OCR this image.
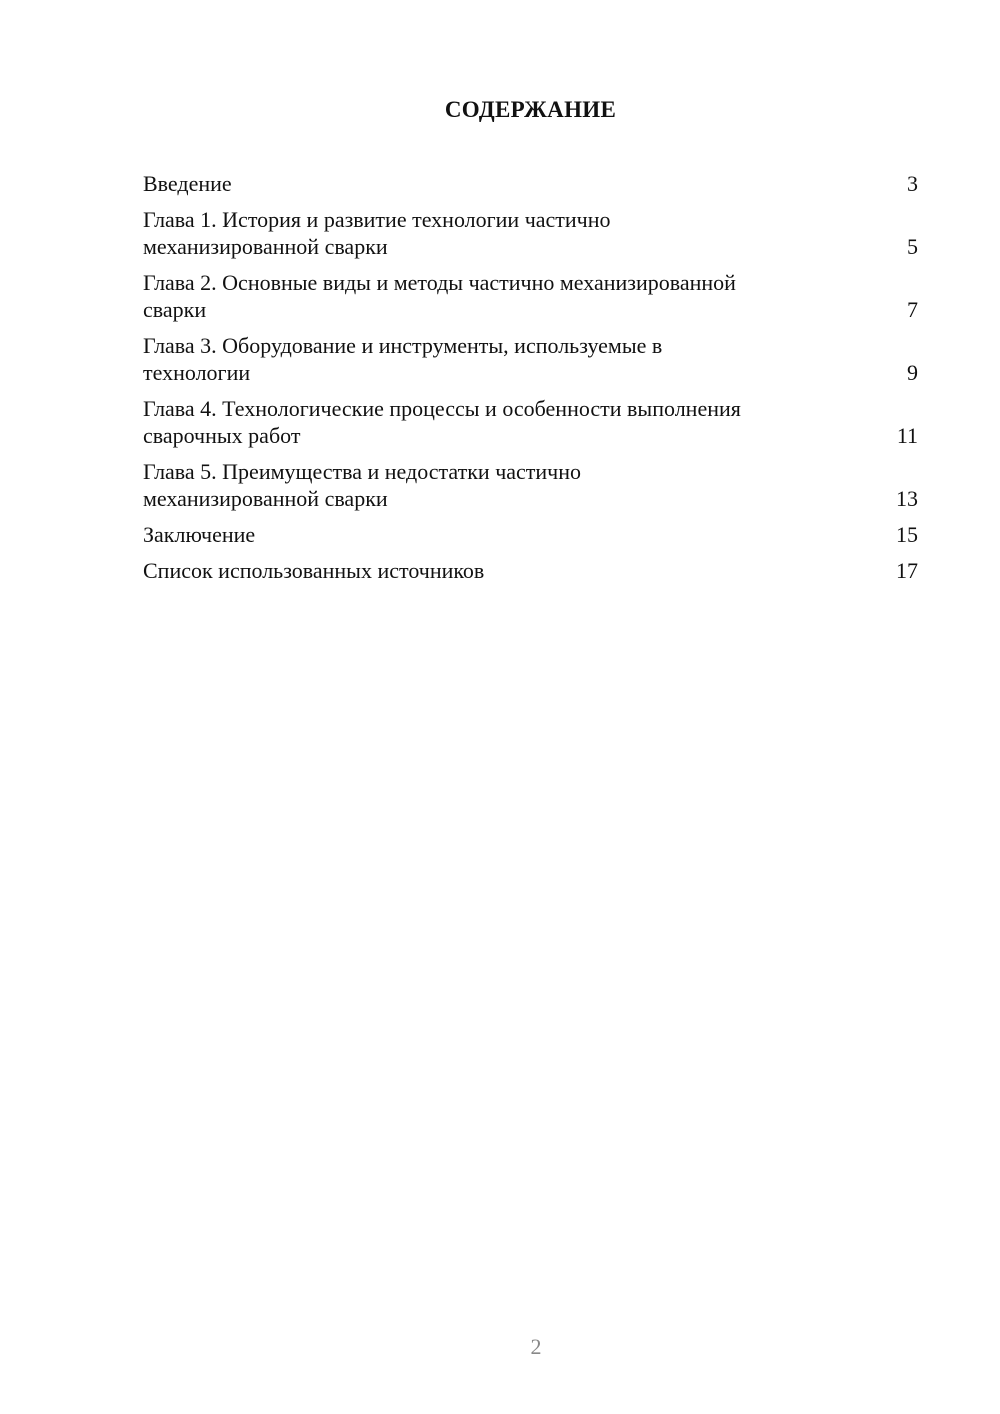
СОДЕРЖАНИЕ
Введение	3
Глава 1. История и развитие технологии частично
механизированной сварки	5
Глава 2. Основные виды и методы частично механизированной
сварки	7
Глава 3. Оборудование и инструменты, используемые в
технологии	9
Глава 4. Технологические процессы и особенности выполнения
сварочных работ	11
Глава 5. Преимущества и недостатки частично
механизированной сварки	13
Заключение	15
Список использованных источников	17
2
